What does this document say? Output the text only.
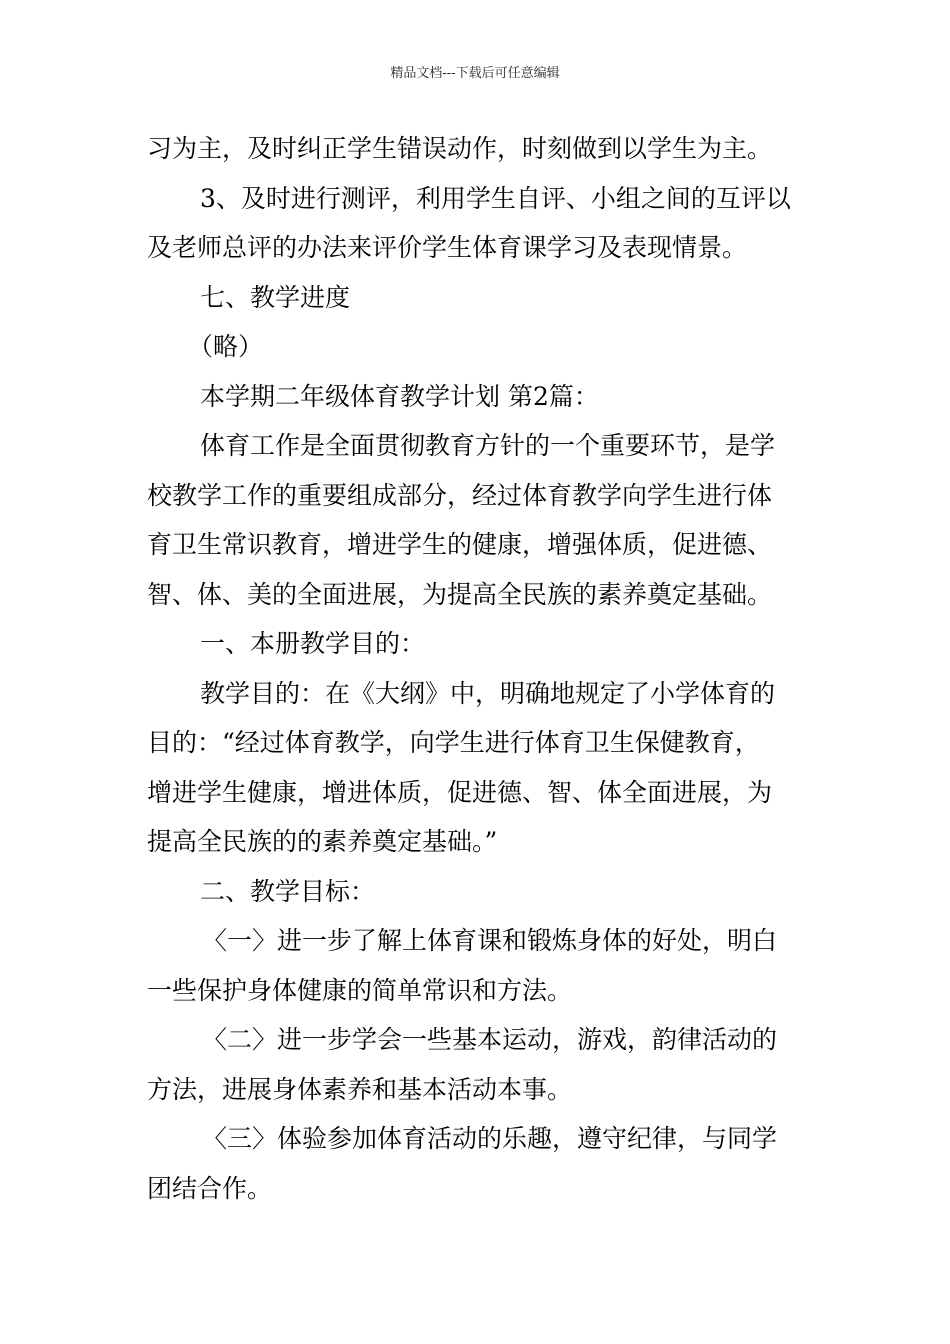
精品文档---下载后可任意编辑

习为主，及时纠正学生错误动作，时刻做到以学生为主。

3、及时进行测评，利用学生自评、小组之间的互评以

及老师总评的办法来评价学生体育课学习及表现情景。

七、教学进度

（略）

本学期二年级体育教学计划 第2篇：

体育工作是全面贯彻教育方针的一个重要环节，是学

校教学工作的重要组成部分，经过体育教学向学生进行体

育卫生常识教育，增进学生的健康，增强体质，促进德、

智、体、美的全面进展，为提高全民族的素养奠定基础。

一、本册教学目的：

教学目的：在《大纲》中，明确地规定了小学体育的

目的：“经过体育教学，向学生进行体育卫生保健教育，

增进学生健康，增进体质，促进德、智、体全面进展，为

提高全民族的的素养奠定基础。”

二、教学目标：

〈一〉进一步了解上体育课和锻炼身体的好处，明白

一些保护身体健康的简单常识和方法。

〈二〉进一步学会一些基本运动，游戏，韵律活动的

方法，进展身体素养和基本活动本事。

〈三〉体验参加体育活动的乐趣，遵守纪律，与同学

团结合作。
